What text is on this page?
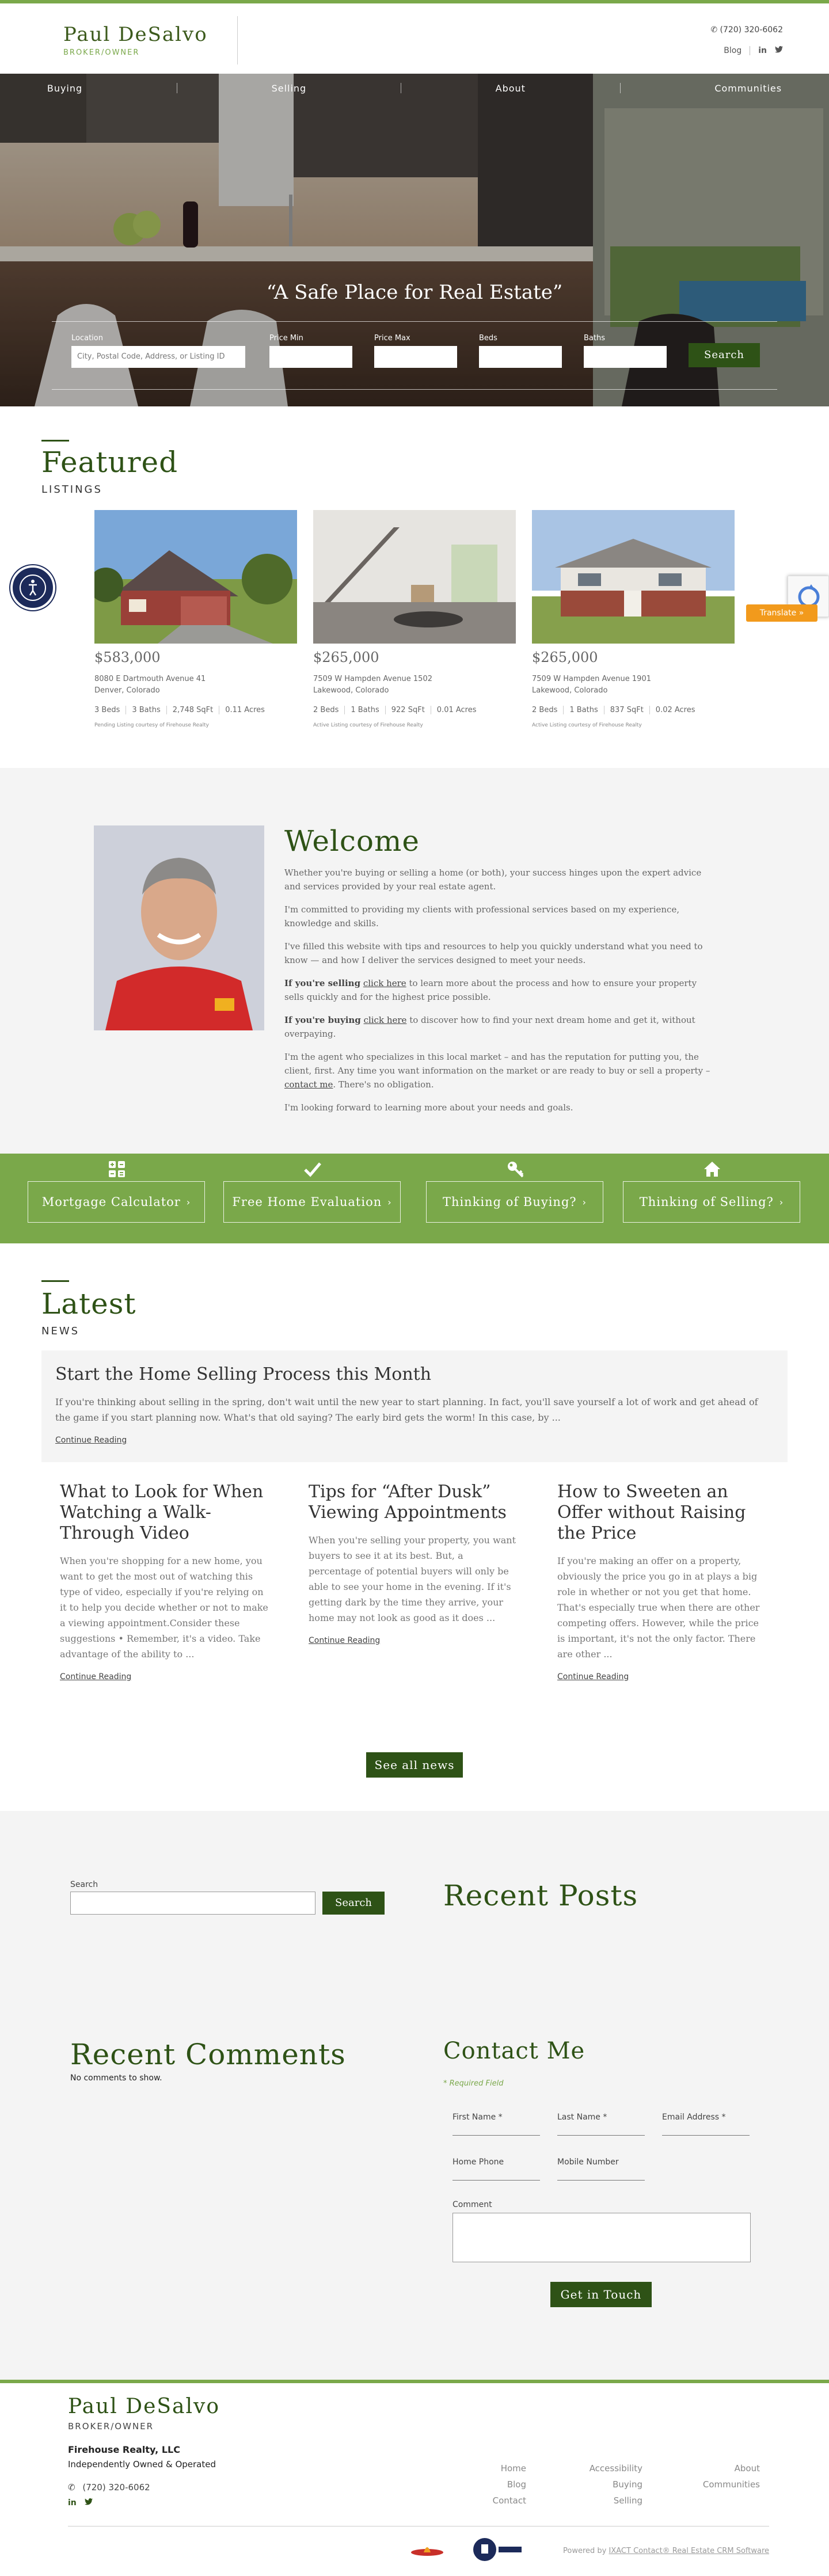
Paul DeSalvo
BROKER/OWNER
✆ (720) 320-6062
Blog in
Buying	Selling	About	Communities
“A Safe Place for Real Estate”
Location
City, Postal Code, Address, or Listing ID
Price Min	Price Max	Beds	Baths
Search
Featured
LISTINGS
$583,000
8080 E Dartmouth Avenue 41
Denver, Colorado
3 Beds	3 Baths	2,748 SqFt	0.11 Acres
Pending Listing courtesy of Firehouse Realty
$265,000
7509 W Hampden Avenue 1502
Lakewood, Colorado
2 Beds	1 Baths	922 SqFt	0.01 Acres
Active Listing courtesy of Firehouse Realty
$265,000
7509 W Hampden Avenue 1901
Lakewood, Colorado
2 Beds	1 Baths	837 SqFt	0.02 Acres
Active Listing courtesy of Firehouse Realty
Translate »
Welcome

Whether you're buying or selling a home (or both), your success hinges upon the expert advice and services provided by your real estate agent.

I'm committed to providing my clients with professional services based on my experience, knowledge and skills.

I've filled this website with tips and resources to help you quickly understand what you need to know — and how I deliver the services designed to meet your needs.

If you're selling click here to learn more about the process and how to ensure your property sells quickly and for the highest price possible.

If you're buying click here to discover how to find your next dream home and get it, without overpaying.

I'm the agent who specializes in this local market – and has the reputation for putting you, the client, first. Any time you want information on the market or are ready to buy or sell a property – contact me. There's no obligation.

I'm looking forward to learning more about your needs and goals.

Mortgage Calculator ›	Free Home Evaluation ›	Thinking of Buying? ›	Thinking of Selling? ›
Latest
NEWS
Start the Home Selling Process this Month

If you're thinking about selling in the spring, don't wait until the new year to start planning. In fact, you'll save yourself a lot of work and get ahead of the game if you start planning now. What's that old saying? The early bird gets the worm! In this case, by ...

Continue Reading
What to Look for When Watching a Walk-Through Video

When you're shopping for a new home, you want to get the most out of watching this type of video, especially if you're relying on it to help you decide whether or not to make a viewing appointment.Consider these suggestions • Remember, it's a video. Take advantage of the ability to ...

Continue Reading
Tips for “After Dusk” Viewing Appointments

When you're selling your property, you want buyers to see it at its best. But, a percentage of potential buyers will only be able to see your home in the evening. If it's getting dark by the time they arrive, your home may not look as good as it does ...

Continue Reading
How to Sweeten an Offer without Raising the Price

If you're making an offer on a property, obviously the price you go in at plays a big role in whether or not you get that home. That's especially true when there are other competing offers. However, while the price is important, it's not the only factor. There are other ...

Continue Reading
See all news
Search
Search	Recent Posts
Recent Comments
No comments to show.
Contact Me
* Required Field
First Name *	Last Name *	Email Address *
Home Phone	Mobile Number
Comment
Get in Touch
Paul DeSalvo
BROKER/OWNER
Firehouse Realty, LLC
Independently Owned & Operated
✆ (720) 320-6062
in
Home
Blog
Contact
Accessibility
Buying
Selling
About
Communities
Powered by IXACT Contact® Real Estate CRM Software
